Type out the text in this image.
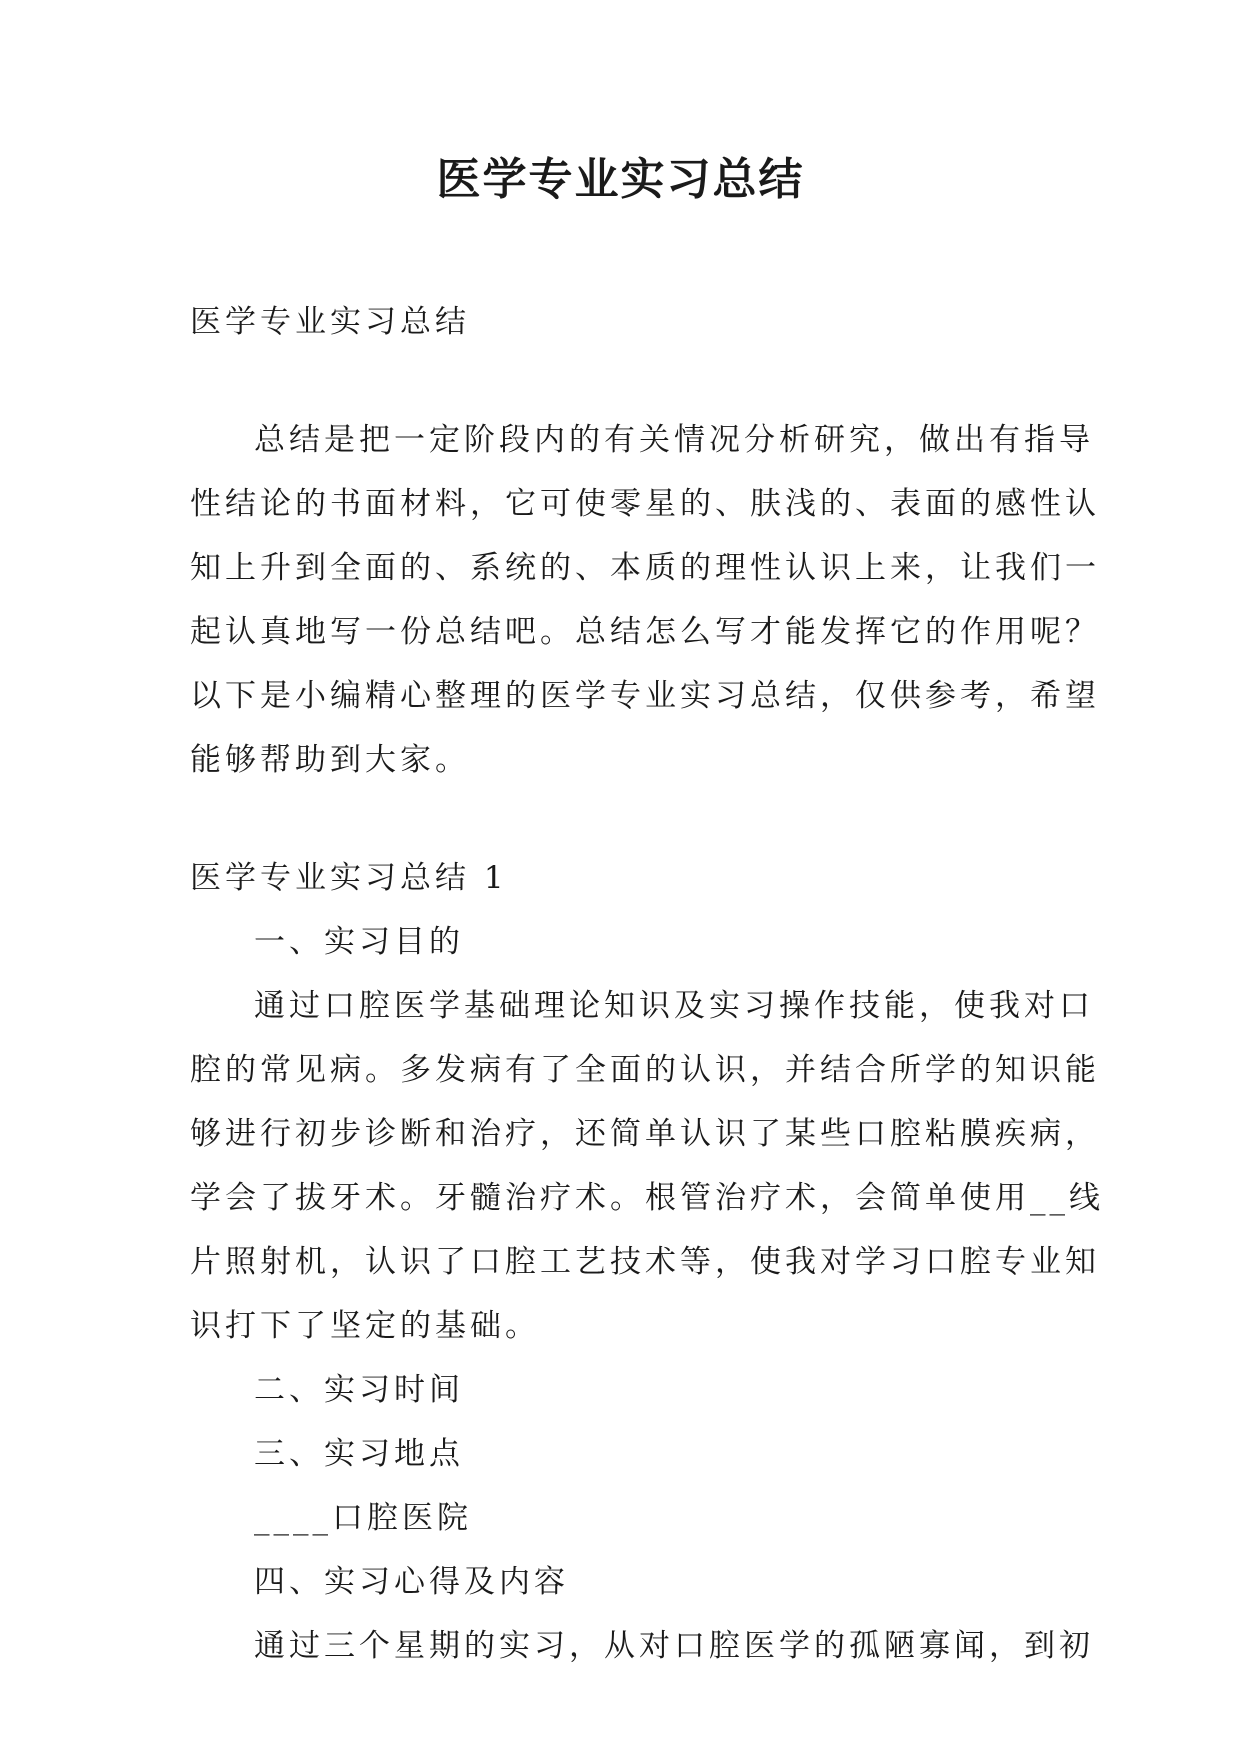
医学专业实习总结
医学专业实习总结
总结是把一定阶段内的有关情况分析研究，做出有指导
性结论的书面材料，它可使零星的、肤浅的、表面的感性认
知上升到全面的、系统的、本质的理性认识上来，让我们一
起认真地写一份总结吧。总结怎么写才能发挥它的作用呢？
以下是小编精心整理的医学专业实习总结，仅供参考，希望
能够帮助到大家。
医学专业实习总结 1
一、实习目的
通过口腔医学基础理论知识及实习操作技能，使我对口
腔的常见病。多发病有了全面的认识，并结合所学的知识能
够进行初步诊断和治疗，还简单认识了某些口腔粘膜疾病，
学会了拔牙术。牙髓治疗术。根管治疗术，会简单使用__线
片照射机，认识了口腔工艺技术等，使我对学习口腔专业知
识打下了坚定的基础。
二、实习时间
三、实习地点
____口腔医院
四、实习心得及内容
通过三个星期的实习，从对口腔医学的孤陋寡闻，到初
